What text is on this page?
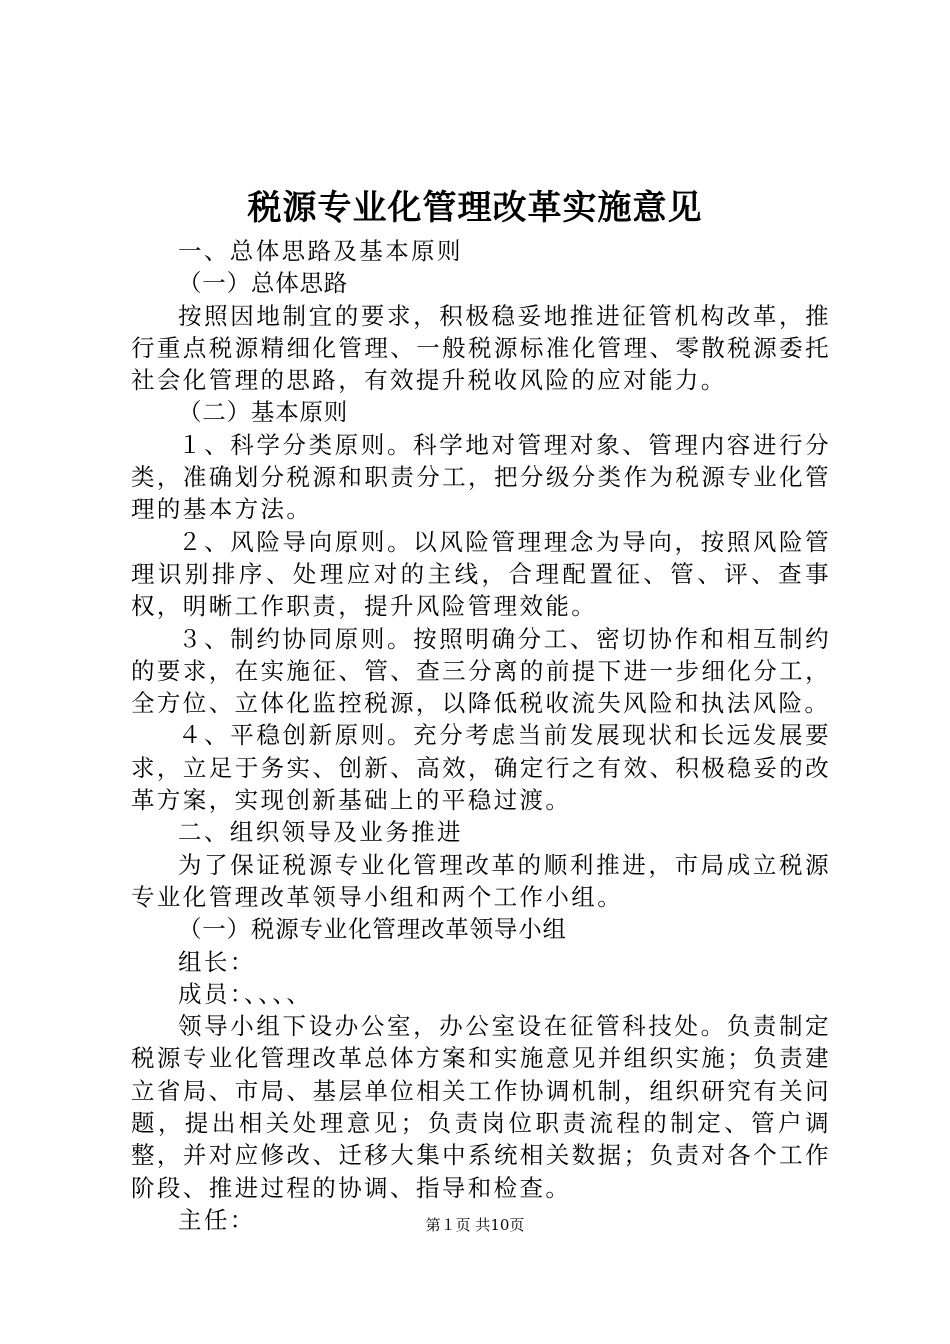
税源专业化管理改革实施意见

一、总体思路及基本原则

（一）总体思路

按照因地制宜的要求，积极稳妥地推进征管机构改革，推行重点税源精细化管理、一般税源标准化管理、零散税源委托社会化管理的思路，有效提升税收风险的应对能力。

（二）基本原则

１、科学分类原则。科学地对管理对象、管理内容进行分类，准确划分税源和职责分工，把分级分类作为税源专业化管理的基本方法。

２、风险导向原则。以风险管理理念为导向，按照风险管理识别排序、处理应对的主线，合理配置征、管、评、查事权，明晰工作职责，提升风险管理效能。

３、制约协同原则。按照明确分工、密切协作和相互制约的要求，在实施征、管、查三分离的前提下进一步细化分工，全方位、立体化监控税源，以降低税收流失风险和执法风险。

４、平稳创新原则。充分考虑当前发展现状和长远发展要求，立足于务实、创新、高效，确定行之有效、积极稳妥的改革方案，实现创新基础上的平稳过渡。

二、组织领导及业务推进

为了保证税源专业化管理改革的顺利推进，市局成立税源专业化管理改革领导小组和两个工作小组。

（一）税源专业化管理改革领导小组

组长：

成员：、、、、

领导小组下设办公室，办公室设在征管科技处。负责制定税源专业化管理改革总体方案和实施意见并组织实施；负责建立省局、市局、基层单位相关工作协调机制，组织研究有关问题，提出相关处理意见；负责岗位职责流程的制定、管户调整，并对应修改、迁移大集中系统相关数据；负责对各个工作阶段、推进过程的协调、指导和检查。

主任：	第１页 共10页
